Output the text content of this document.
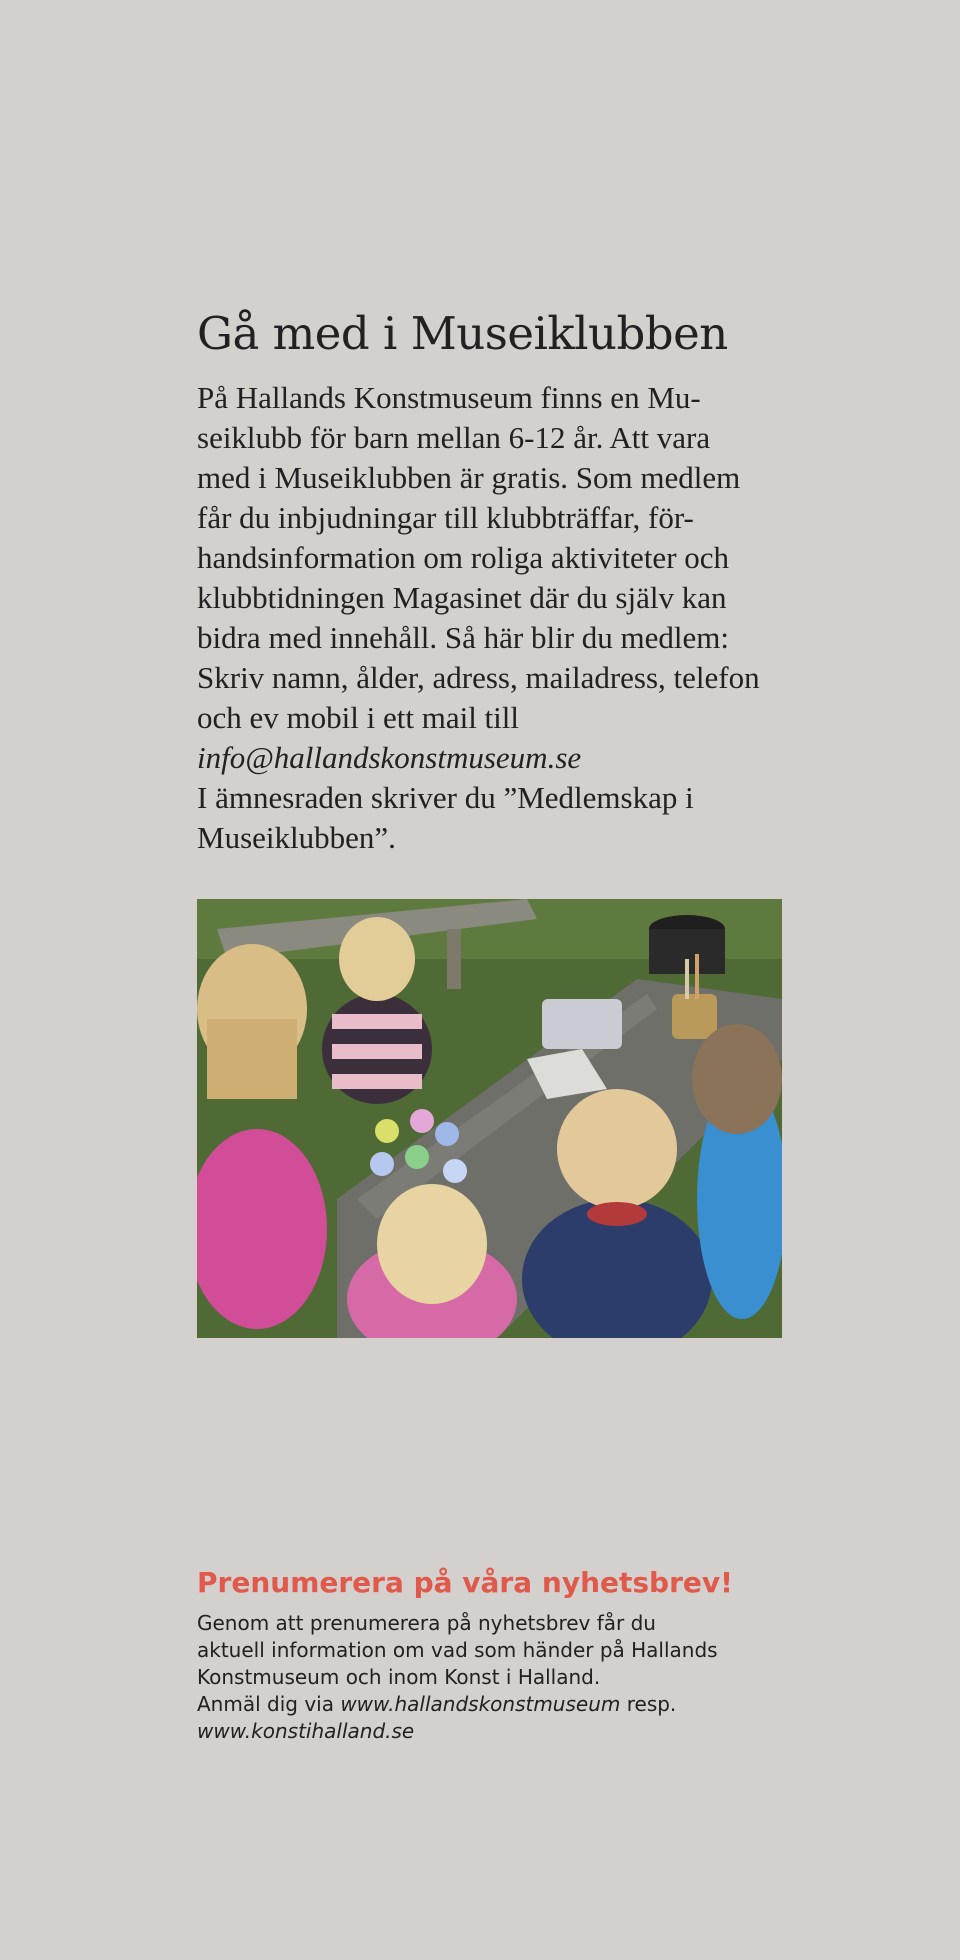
Gå med i Museiklubben

På Hallands Konstmuseum finns en Mu-
seiklubb för barn mellan 6-12 år. Att vara
med i Museiklubben är gratis. Som medlem
får du inbjudningar till klubbträffar, för-
handsinformation om roliga aktiviteter och
klubbtidningen Magasinet där du själv kan
bidra med innehåll. Så här blir du medlem:
Skriv namn, ålder, adress, mailadress, telefon
och ev mobil i ett mail till
info@hallandskonstmuseum.se
I ämnesraden skriver du ”Medlemskap i
Museiklubben”.

Prenumerera på våra nyhetsbrev!

Genom att prenumerera på nyhetsbrev får du
aktuell information om vad som händer på Hallands
Konstmuseum och inom Konst i Halland.
Anmäl dig via www.hallandskonstmuseum resp.
www.konstihalland.se
